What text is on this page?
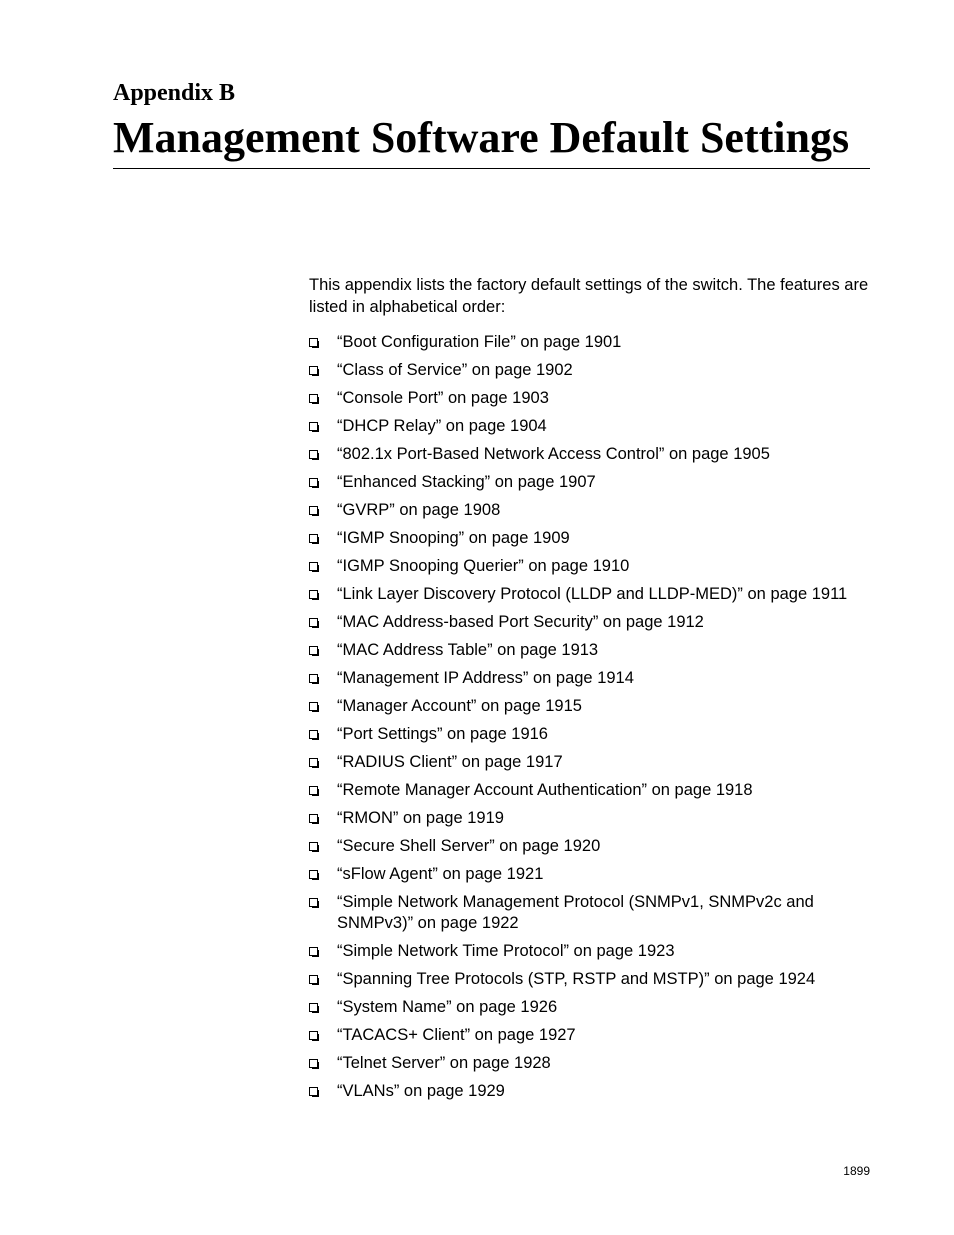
Appendix B
Management Software Default Settings

This appendix lists the factory default settings of the switch. The features are listed in alphabetical order:

“Boot Configuration File” on page 1901
“Class of Service” on page 1902
“Console Port” on page 1903
“DHCP Relay” on page 1904
“802.1x Port-Based Network Access Control” on page 1905
“Enhanced Stacking” on page 1907
“GVRP” on page 1908
“IGMP Snooping” on page 1909
“IGMP Snooping Querier” on page 1910
“Link Layer Discovery Protocol (LLDP and LLDP-MED)” on page 1911
“MAC Address-based Port Security” on page 1912
“MAC Address Table” on page 1913
“Management IP Address” on page 1914
“Manager Account” on page 1915
“Port Settings” on page 1916
“RADIUS Client” on page 1917
“Remote Manager Account Authentication” on page 1918
“RMON” on page 1919
“Secure Shell Server” on page 1920
“sFlow Agent” on page 1921
“Simple Network Management Protocol (SNMPv1, SNMPv2c and SNMPv3)” on page 1922
“Simple Network Time Protocol” on page 1923
“Spanning Tree Protocols (STP, RSTP and MSTP)” on page 1924
“System Name” on page 1926
“TACACS+ Client” on page 1927
“Telnet Server” on page 1928
“VLANs” on page 1929
1899
